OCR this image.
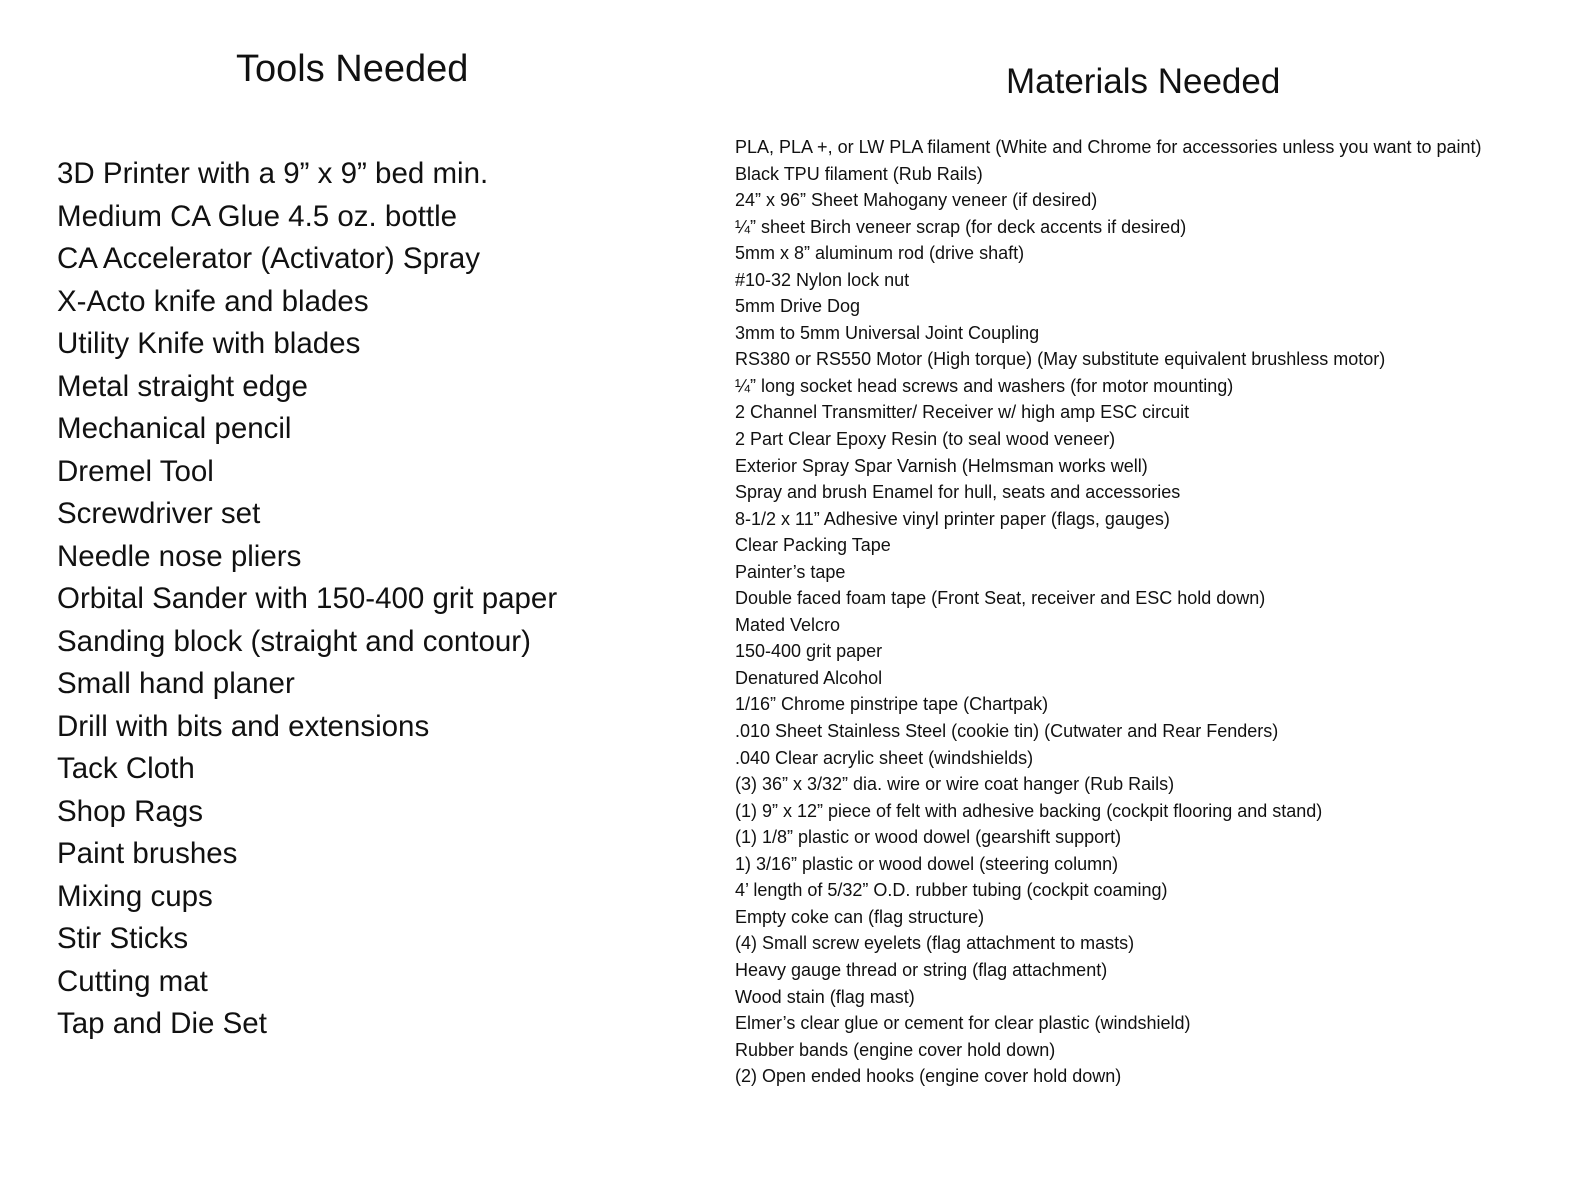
Tools Needed
3D Printer with a 9” x 9” bed min.
Medium CA Glue 4.5 oz. bottle
CA Accelerator (Activator) Spray
X-Acto knife and blades
Utility Knife with blades
Metal straight edge
Mechanical pencil
Dremel Tool
Screwdriver set
Needle nose pliers
Orbital Sander with 150-400 grit paper
Sanding block (straight and contour)
Small hand planer
Drill with bits and extensions
Tack Cloth
Shop Rags
Paint brushes
Mixing cups
Stir Sticks
Cutting mat
Tap and Die Set
Materials Needed
PLA, PLA +, or LW PLA filament (White and Chrome for accessories unless you want to paint)
Black TPU filament (Rub Rails)
24” x 96” Sheet Mahogany veneer (if desired)
¼” sheet Birch veneer scrap (for deck accents if desired)
5mm x 8” aluminum rod (drive shaft)
#10-32 Nylon lock nut
5mm Drive Dog
3mm to 5mm Universal Joint Coupling
RS380 or RS550 Motor (High torque) (May substitute equivalent brushless motor)
¼” long socket head screws and washers (for motor mounting)
2 Channel Transmitter/ Receiver w/ high amp ESC circuit
2 Part Clear Epoxy Resin (to seal wood veneer)
Exterior Spray Spar Varnish (Helmsman works well)
Spray and brush Enamel for hull, seats and accessories
8-1/2 x 11” Adhesive vinyl printer paper (flags, gauges)
Clear Packing Tape
Painter’s tape
Double faced foam tape (Front Seat, receiver and ESC hold down)
Mated Velcro
150-400 grit paper
Denatured Alcohol
1/16” Chrome pinstripe tape (Chartpak)
.010 Sheet Stainless Steel (cookie tin) (Cutwater and Rear Fenders)
.040 Clear acrylic sheet (windshields)
(3) 36” x 3/32” dia. wire or wire coat hanger (Rub Rails)
(1) 9” x 12” piece of felt with adhesive backing (cockpit flooring and stand)
(1) 1/8” plastic or wood dowel (gearshift support)
1) 3/16” plastic or wood dowel (steering column)
4’ length of 5/32” O.D. rubber tubing (cockpit coaming)
Empty coke can (flag structure)
(4) Small screw eyelets (flag attachment to masts)
Heavy gauge thread or string (flag attachment)
Wood stain (flag mast)
Elmer’s clear glue or cement for clear plastic (windshield)
Rubber bands (engine cover hold down)
(2) Open ended hooks (engine cover hold down)
